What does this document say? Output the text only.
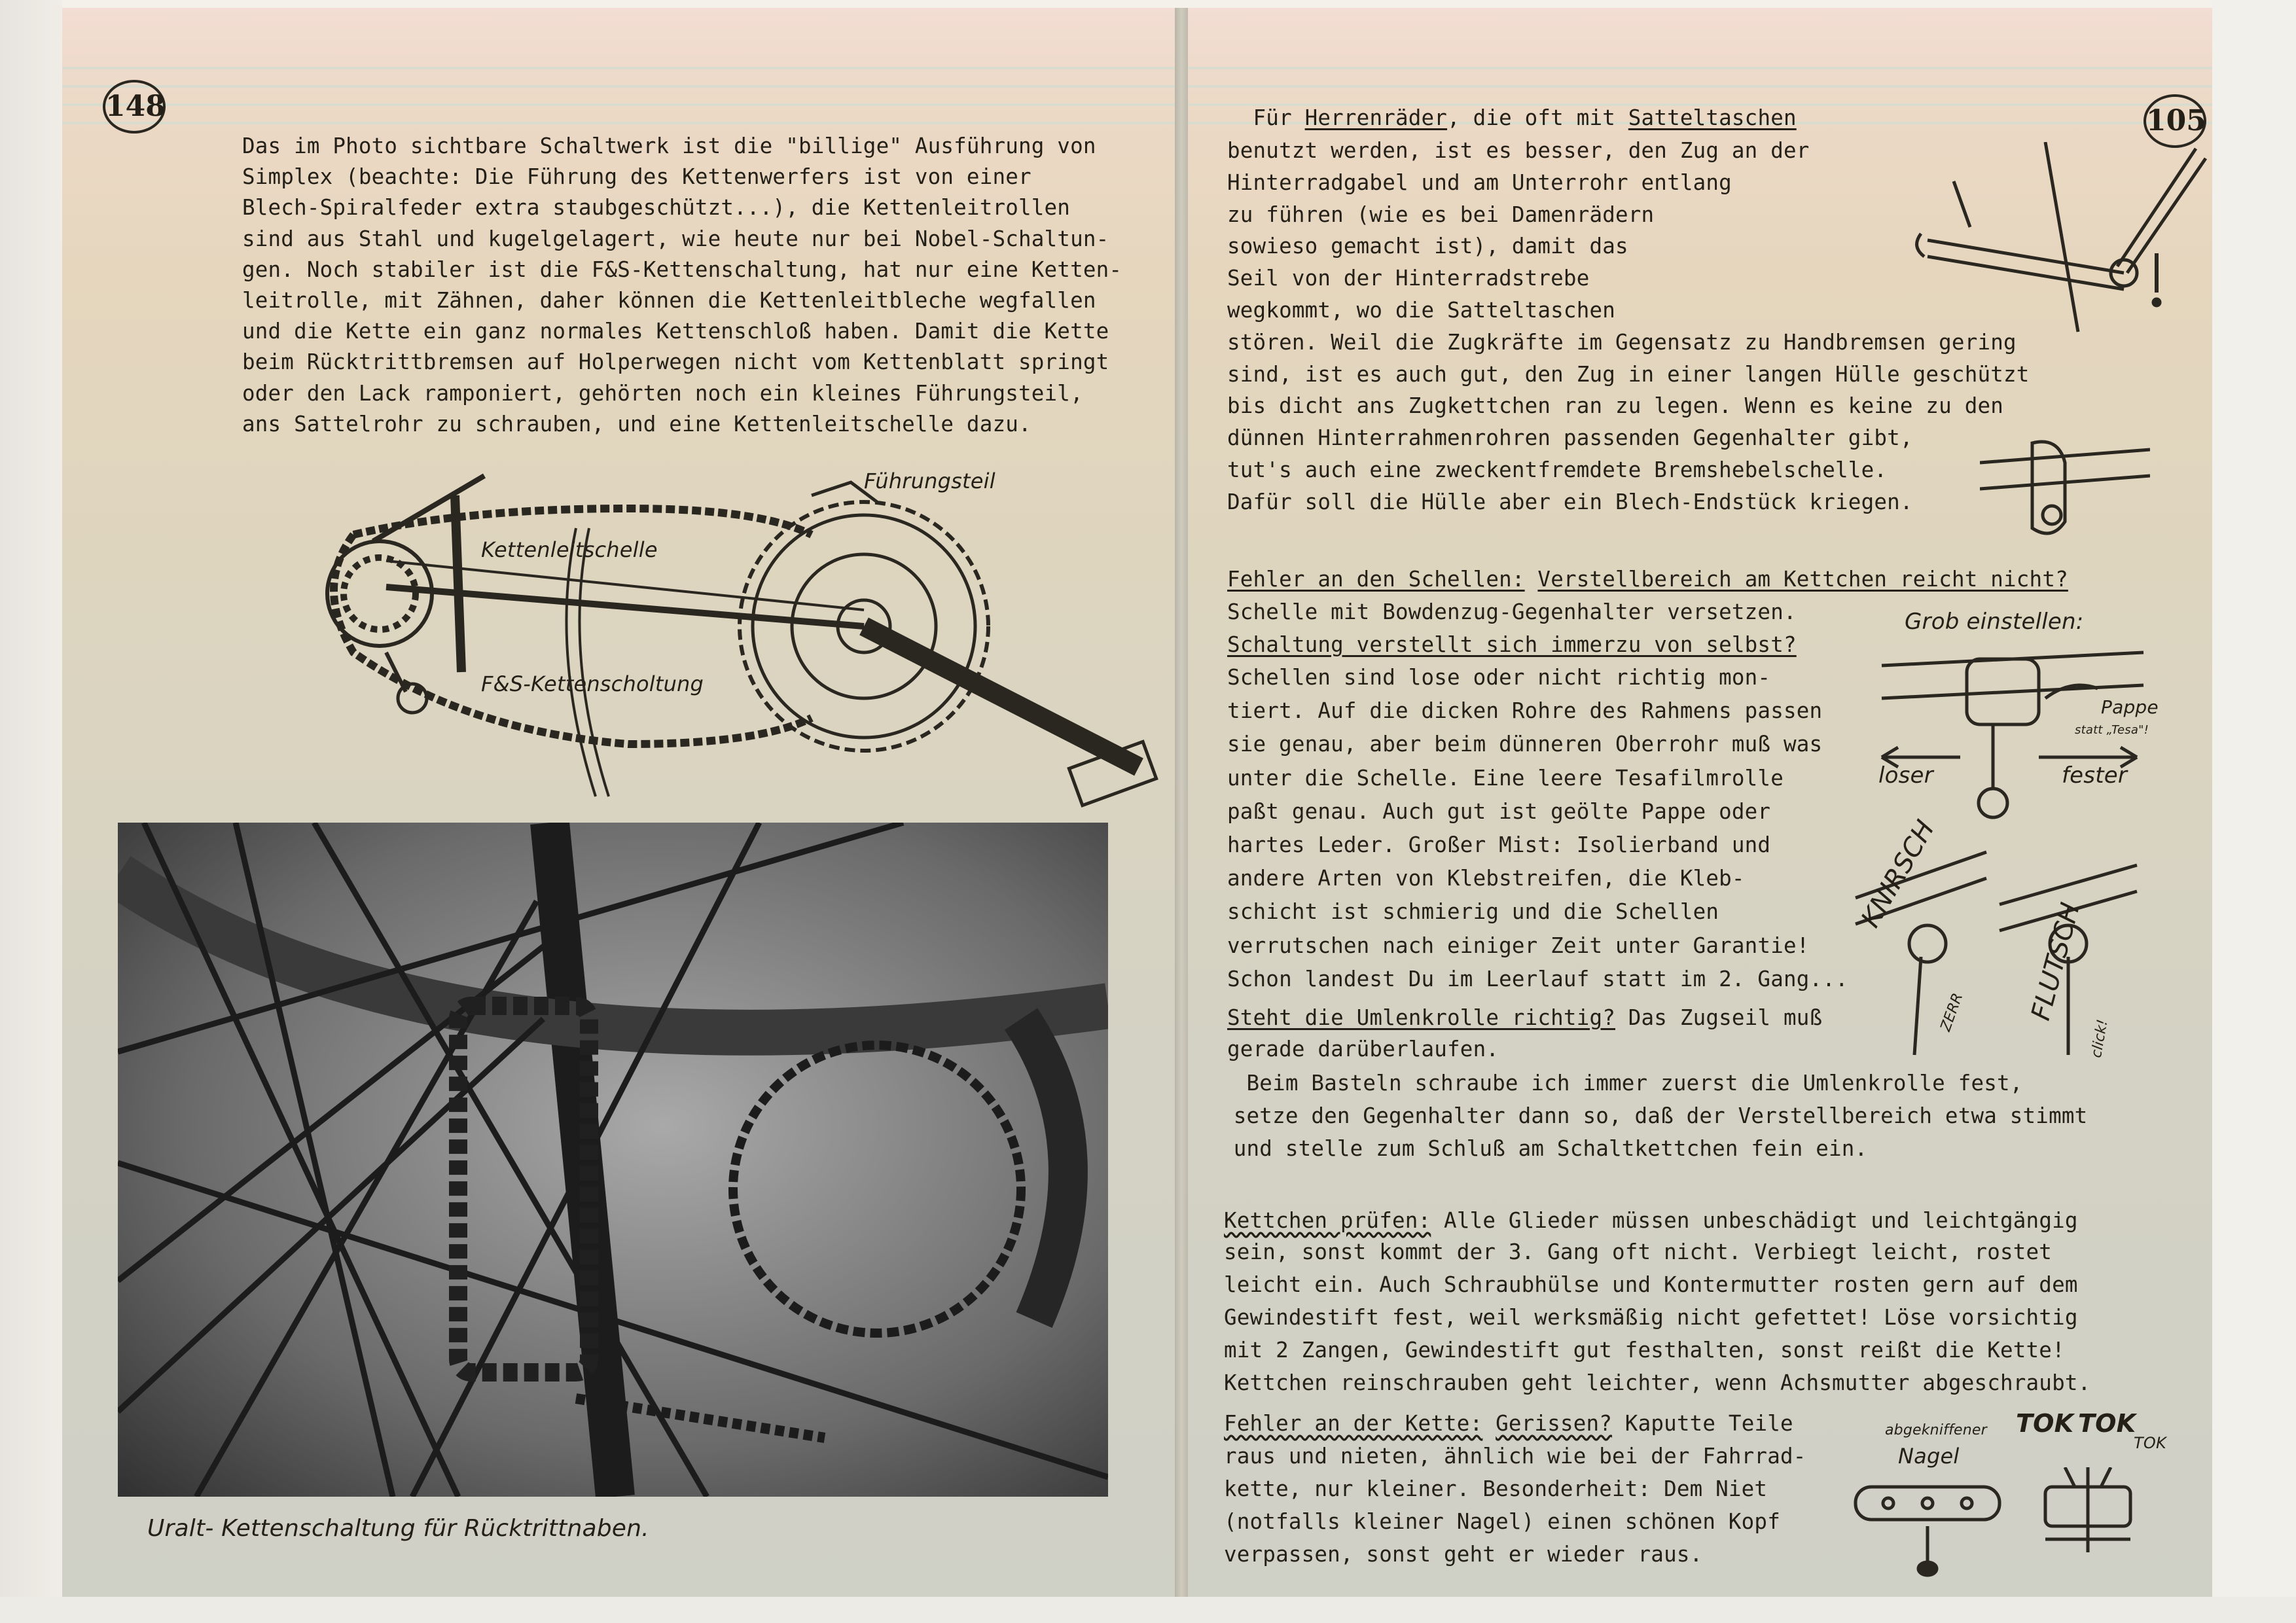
148
Das im Photo sichtbare Schaltwerk ist die "billige" Ausführung von
Simplex (beachte: Die Führung des Kettenwerfers ist von einer
Blech-Spiralfeder extra staubgeschützt...), die Kettenleitrollen
sind aus Stahl und kugelgelagert, wie heute nur bei Nobel-Schaltun-
gen. Noch stabiler ist die F&S-Kettenschaltung, hat nur eine Ketten-
leitrolle, mit Zähnen, daher können die Kettenleitbleche wegfallen
und die Kette ein ganz normales Kettenschloß haben. Damit die Kette
beim Rücktrittbremsen auf Holperwegen nicht vom Kettenblatt springt
oder den Lack ramponiert, gehörten noch ein kleines Führungsteil,
ans Sattelrohr zu schrauben, und eine Kettenleitschelle dazu.
Führungsteil
Kettenleitschelle
F&S-Kettenscholtung
Uralt- Kettenschaltung für Rücktrittnaben.
105
Für Herrenräder, die oft mit Satteltaschen
benutzt werden, ist es besser, den Zug an der
Hinterradgabel und am Unterrohr entlang
zu führen (wie es bei Damenrädern
sowieso gemacht ist), damit das
Seil von der Hinterradstrebe
wegkommt, wo die Satteltaschen
stören. Weil die Zugkräfte im Gegensatz zu Handbremsen gering
sind, ist es auch gut, den Zug in einer langen Hülle geschützt
bis dicht ans Zugkettchen ran zu legen. Wenn es keine zu den
dünnen Hinterrahmenrohren passenden Gegenhalter gibt,
tut's auch eine zweckentfremdete Bremshebelschelle.
Dafür soll die Hülle aber ein Blech-Endstück kriegen.
Fehler an den Schellen: Verstellbereich am Kettchen reicht nicht?
Schelle mit Bowdenzug-Gegenhalter versetzen.
Schaltung verstellt sich immerzu von selbst?
Schellen sind lose oder nicht richtig mon-
tiert. Auf die dicken Rohre des Rahmens passen
sie genau, aber beim dünneren Oberrohr muß was
unter die Schelle. Eine leere Tesafilmrolle
paßt genau. Auch gut ist geölte Pappe oder
hartes Leder. Großer Mist: Isolierband und
andere Arten von Klebstreifen, die Kleb-
schicht ist schmierig und die Schellen
verrutschen nach einiger Zeit unter Garantie!
Schon landest Du im Leerlauf statt im 2. Gang...
Steht die Umlenkrolle richtig? Das Zugseil muß
gerade darüberlaufen.
Beim Basteln schraube ich immer zuerst die Umlenkrolle fest,
setze den Gegenhalter dann so, daß der Verstellbereich etwa stimmt
und stelle zum Schluß am Schaltkettchen fein ein.
Kettchen prüfen: Alle Glieder müssen unbeschädigt und leichtgängig
sein, sonst kommt der 3. Gang oft nicht. Verbiegt leicht, rostet
leicht ein. Auch Schraubhülse und Kontermutter rosten gern auf dem
Gewindestift fest, weil werksmäßig nicht gefettet! Löse vorsichtig
mit 2 Zangen, Gewindestift gut festhalten, sonst reißt die Kette!
Kettchen reinschrauben geht leichter, wenn Achsmutter abgeschraubt.
Fehler an der Kette: Gerissen? Kaputte Teile
raus und nieten, ähnlich wie bei der Fahrrad-
kette, nur kleiner. Besonderheit: Dem Niet
(notfalls kleiner Nagel) einen schönen Kopf
verpassen, sonst geht er wieder raus.
Grob einstellen:
Pappe
statt „Tesa"!
loser	fester
KNIRSCH
ZERR FLUTSCH
click!
abgekniffener
Nagel
TOK TOK
TOK
